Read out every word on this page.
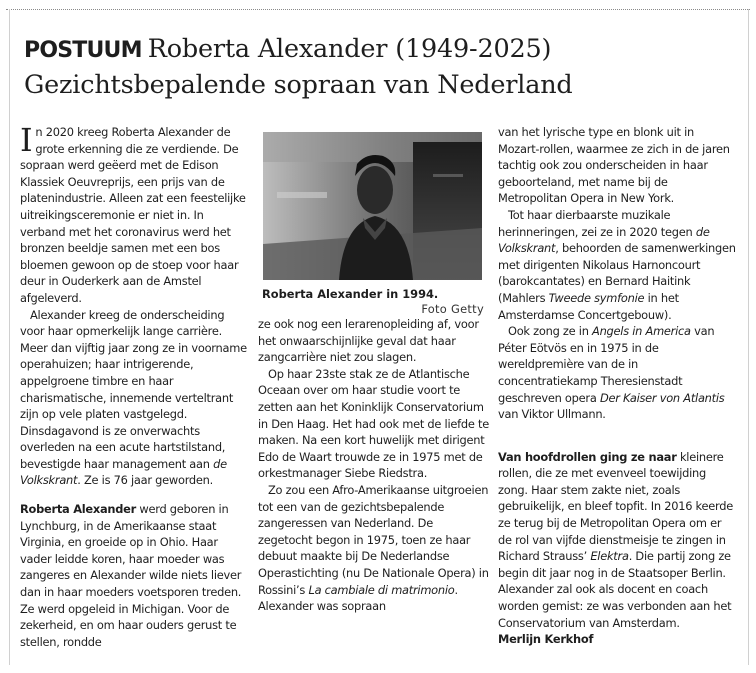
POSTUUM Roberta Alexander (1949-2025)
Gezichtsbepalende sopraan van Nederland

In 2020 kreeg Roberta Alexander de grote erkenning die ze verdiende. De sopraan werd geëerd met de Edison Klassiek Oeuvreprijs, een prijs van de platenindustrie. Alleen zat een feestelijke uitreikingsceremonie er niet in. In verband met het coronavirus werd het bronzen beeldje samen met een bos bloemen gewoon op de stoep voor haar deur in Ouderkerk aan de Amstel afgeleverd.

Alexander kreeg de onderscheiding voor haar opmerkelijk lange carrière. Meer dan vijftig jaar zong ze in voorname operahuizen; haar intrigerende, appelgroene timbre en haar charismatische, innemende verteltrant zijn op vele platen vastgelegd. Dinsdagavond is ze onverwachts overleden na een acute hartstilstand, bevestigde haar management aan de Volkskrant. Ze is 76 jaar geworden.

Roberta Alexander werd geboren in Lynchburg, in de Amerikaanse staat Virginia, en groeide op in Ohio. Haar vader leidde koren, haar moeder was zangeres en Alexander wilde niets liever dan in haar moeders voetsporen treden. Ze werd opgeleid in Michigan. Voor de zekerheid, en om haar ouders gerust te stellen, rondde

Roberta Alexander in 1994.
Foto Getty

ze ook nog een lerarenopleiding af, voor het onwaarschijnlijke geval dat haar zangcarrière niet zou slagen.

Op haar 23ste stak ze de Atlantische Oceaan over om haar studie voort te zetten aan het Koninklijk Conservatorium in Den Haag. Het had ook met de liefde te maken. Na een kort huwelijk met dirigent Edo de Waart trouwde ze in 1975 met de orkestmanager Siebe Riedstra.

Zo zou een Afro-Amerikaanse uitgroeien tot een van de gezichtsbepalende zangeressen van Nederland. De zegetocht begon in 1975, toen ze haar debuut maakte bij De Nederlandse Operastichting (nu De Nationale Opera) in Rossini’s La cambiale di matrimonio. Alexander was sopraan

van het lyrische type en blonk uit in Mozart-rollen, waarmee ze zich in de jaren tachtig ook zou onderscheiden in haar geboorteland, met name bij de Metropolitan Opera in New York.

Tot haar dierbaarste muzikale herinneringen, zei ze in 2020 tegen de Volkskrant, behoorden de samenwerkingen met dirigenten Nikolaus Harnoncourt (barokcantates) en Bernard Haitink (Mahlers Tweede symfonie in het Amsterdamse Concertgebouw).

Ook zong ze in Angels in America van Péter Eötvös en in 1975 in de wereldpremière van de in concentratiekamp Theresienstadt geschreven opera Der Kaiser von Atlantis van Viktor Ullmann.

Van hoofdrollen ging ze naar kleinere rollen, die ze met evenveel toewijding zong. Haar stem zakte niet, zoals gebruikelijk, en bleef topfit. In 2016 keerde ze terug bij de Metropolitan Opera om er de rol van vijfde dienstmeisje te zingen in Richard Strauss’ Elektra. Die partij zong ze begin dit jaar nog in de Staatsoper Berlin. Alexander zal ook als docent en coach worden gemist: ze was verbonden aan het Conservatorium van Amsterdam.

Merlijn Kerkhof
